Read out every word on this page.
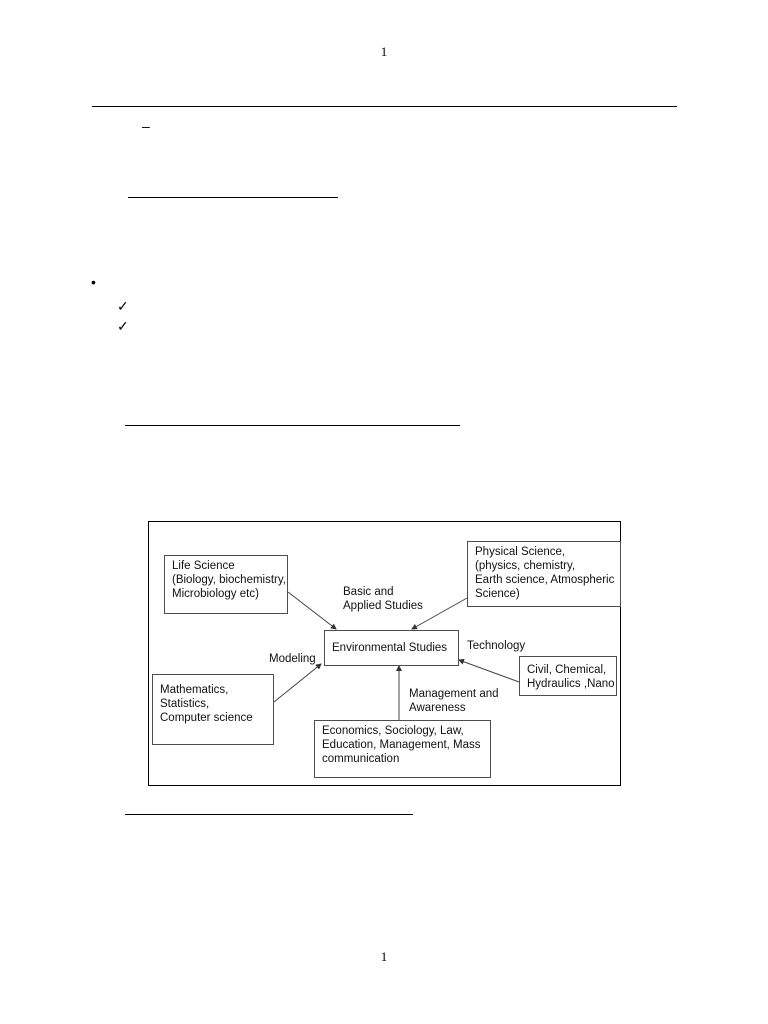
1
–
•
✓
✓
Life Science
(Biology, biochemistry,
Microbiology etc)
Physical Science,
(physics, chemistry,
Earth science, Atmospheric
Science)
Environmental Studies
Mathematics,
Statistics,
Computer science
Civil, Chemical,
Hydraulics ,Nano
Economics, Sociology, Law,
Education, Management, Mass
communication
Basic and
Applied Studies
Technology
Modeling
Management and
Awareness
1
